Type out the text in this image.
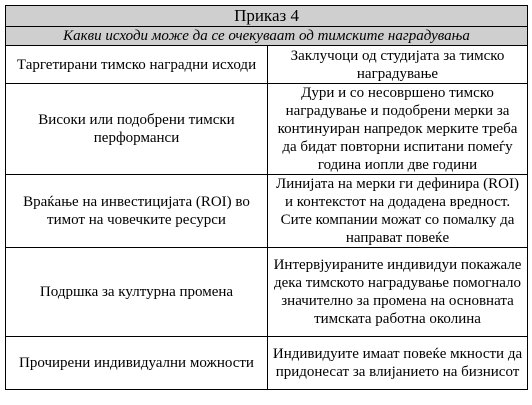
Приказ 4	
Какви исходи може да се очекуваат од тимските наградувања	
Таргетирани тимско наградни исходи	Заклучоци од студијата за тимско наградување
Високи или подобрени тимски перформанси	Дури и со несовршено тимско наградување и подобрени мерки за континуиран напредок мерките треба да бидат повторни испитани помеѓу година иопли две години
Враќање на инвестицијата (ROI) во тимот на човечките ресурси	Линијата на мерки ги дефинира (ROI) и контекстот на додадена вредност. Сите компании можат со помалку да направат повеќе
Подршка за културна промена	Интервјуираните индивидуи покажале дека тимското наградување помогнало значително за промена на основната тимската работна околина
Прочирени индивидуални можности	Индивидуите имаат повеќе мкности да придонесат за влијанието на бизнисот
